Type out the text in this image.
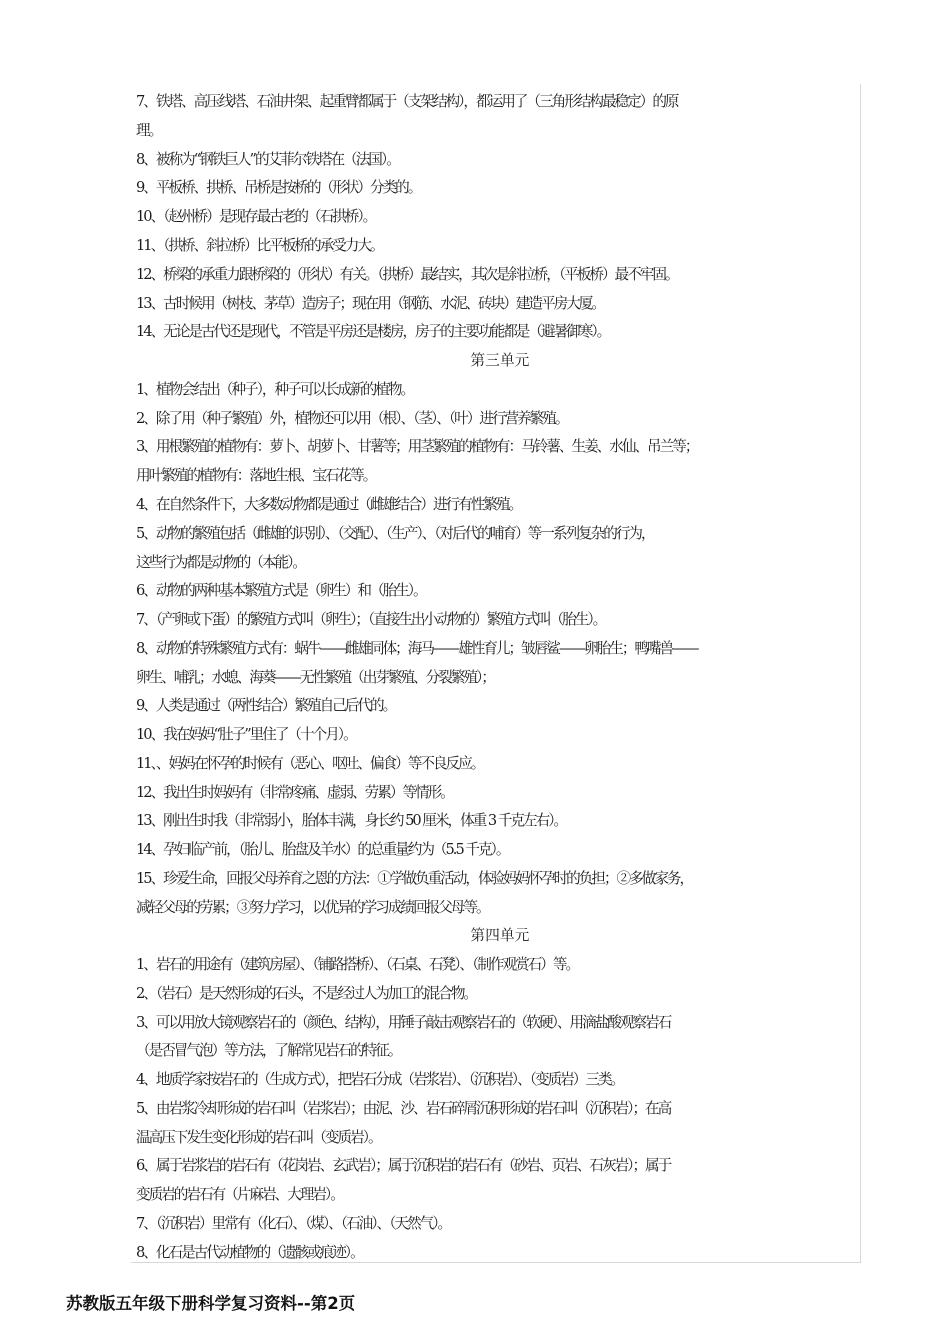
7、铁塔、高压线塔、石油井架、起重臂都属于（支架结构），都运用了（三角形结构最稳定）的原
理。
8、被称为“钢铁巨人”的艾菲尔铁塔在（法国）。
9、平板桥、拱桥、吊桥是按桥的（形状）分类的。
10、（赵州桥）是现存最古老的（石拱桥）。
11、（拱桥、斜拉桥）比平板桥的承受力大。
12、桥梁的承重力跟桥梁的（形状）有关。（拱桥）最结实，其次是斜拉桥，（平板桥）最不牢固。
13、古时候用（树枝、茅草）造房子；现在用（钢筋、水泥、砖块）建造平房大厦。
14、无论是古代还是现代，不管是平房还是楼房，房子的主要功能都是（避暑御寒）。
第三单元
1、植物会结出（种子），种子可以长成新的植物。
2、除了用（种子繁殖）外，植物还可以用（根）、（茎）、（叶）进行营养繁殖。
3、用根繁殖的植物有：萝卜、胡萝卜、甘薯等；用茎繁殖的植物有：马铃薯、生姜、水仙、吊兰等；
用叶繁殖的植物有：落地生根、宝石花等。
4、在自然条件下，大多数动物都是通过（雌雄结合）进行有性繁殖。
5、动物的繁殖包括（雌雄的识别）、（交配）、（生产）、（对后代的哺育）等一系列复杂的行为，
这些行为都是动物的（本能）。
6、动物的两种基本繁殖方式是（卵生）和（胎生）。
7、（产卵或下蛋）的繁殖方式叫（卵生）；（直接生出小动物的）繁殖方式叫（胎生）。
8、动物的特殊繁殖方式有：蜗牛——雌雄同体；海马——雄性育儿；皱唇鲨——卵胎生；鸭嘴兽——
卵生、哺乳；水螅、海葵——无性繁殖（出芽繁殖、分裂繁殖）；
9、人类是通过（两性结合）繁殖自己后代的。
10、我在妈妈“肚子”里住了（十个月）。
11、、妈妈在怀孕的时候有（恶心、呕吐、偏食）等不良反应。
12、我出生时妈妈有（非常疼痛、虚弱、劳累）等情形。
13、刚出生时我（非常弱小，胎体丰满，身长约 50 厘米，体重 3 千克左右）。
14、孕妇临产前，（胎儿、胎盘及羊水）的总重量约为（5.5 千克）。
15、珍爱生命，回报父母养育之恩的方法：①学做负重活动，体验妈妈怀孕时的负担；②多做家务，
减轻父母的劳累；③努力学习，以优异的学习成绩回报父母等。
第四单元
1、岩石的用途有（建筑房屋）、（铺路搭桥）、（石桌、石凳）、（制作观赏石）等。
2、（岩石）是天然形成的石头，不是经过人为加工的混合物。
3、可以用放大镜观察岩石的（颜色、结构），用锤子敲击观察岩石的（软硬）、用滴盐酸观察岩石
（是否冒气泡）等方法，了解常见岩石的特征。
4、地质学家按岩石的（生成方式），把岩石分成（岩浆岩）、（沉积岩）、（变质岩）三类。
5、由岩浆冷却形成的岩石叫（岩浆岩）；由泥、沙、岩石碎屑沉积形成的岩石叫（沉积岩）；在高
温高压下发生变化形成的岩石叫（变质岩）。
6、属于岩浆岩的岩石有（花岗岩、玄武岩）；属于沉积岩的岩石有（砂岩、页岩、石灰岩）；属于
变质岩的岩石有（片麻岩、大理岩）。
7、（沉积岩）里常有（化石）、（煤）、（石油）、（天然气）。
8、化石是古代动植物的（遗骸或痕迹）。
苏教版五年级下册科学复习资料--第2页
